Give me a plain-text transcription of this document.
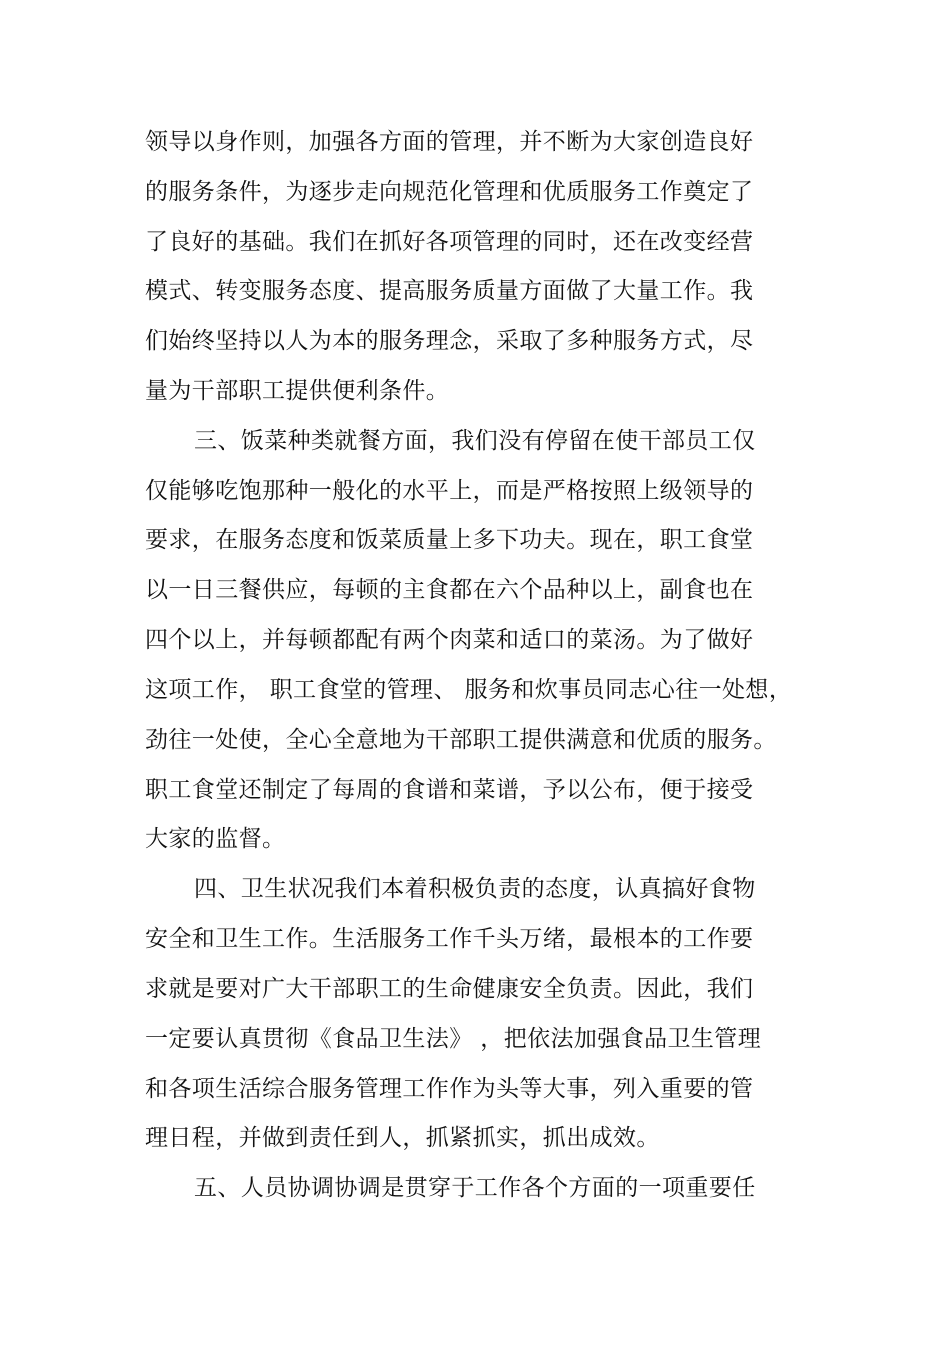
领导以身作则，加强各方面的管理，并不断为大家创造良好
的服务条件，为逐步走向规范化管理和优质服务工作奠定了
了良好的基础。我们在抓好各项管理的同时，还在改变经营
模式、转变服务态度、提高服务质量方面做了大量工作。我
们始终坚持以人为本的服务理念，采取了多种服务方式，尽
量为干部职工提供便利条件。
三、饭菜种类就餐方面，我们没有停留在使干部员工仅
仅能够吃饱那种一般化的水平上，而是严格按照上级领导的
要求，在服务态度和饭菜质量上多下功夫。现在，职工食堂
以一日三餐供应，每顿的主食都在六个品种以上，副食也在
四个以上，并每顿都配有两个肉菜和适口的菜汤。为了做好
这项工作， 职工食堂的管理、 服务和炊事员同志心往一处想，
劲往一处使，全心全意地为干部职工提供满意和优质的服务。
职工食堂还制定了每周的食谱和菜谱，予以公布，便于接受
大家的监督。
四、卫生状况我们本着积极负责的态度，认真搞好食物
安全和卫生工作。生活服务工作千头万绪，最根本的工作要
求就是要对广大干部职工的生命健康安全负责。因此，我们
一定要认真贯彻《食品卫生法》 ，把依法加强食品卫生管理
和各项生活综合服务管理工作作为头等大事，列入重要的管
理日程，并做到责任到人，抓紧抓实，抓出成效。
五、人员协调协调是贯穿于工作各个方面的一项重要任
